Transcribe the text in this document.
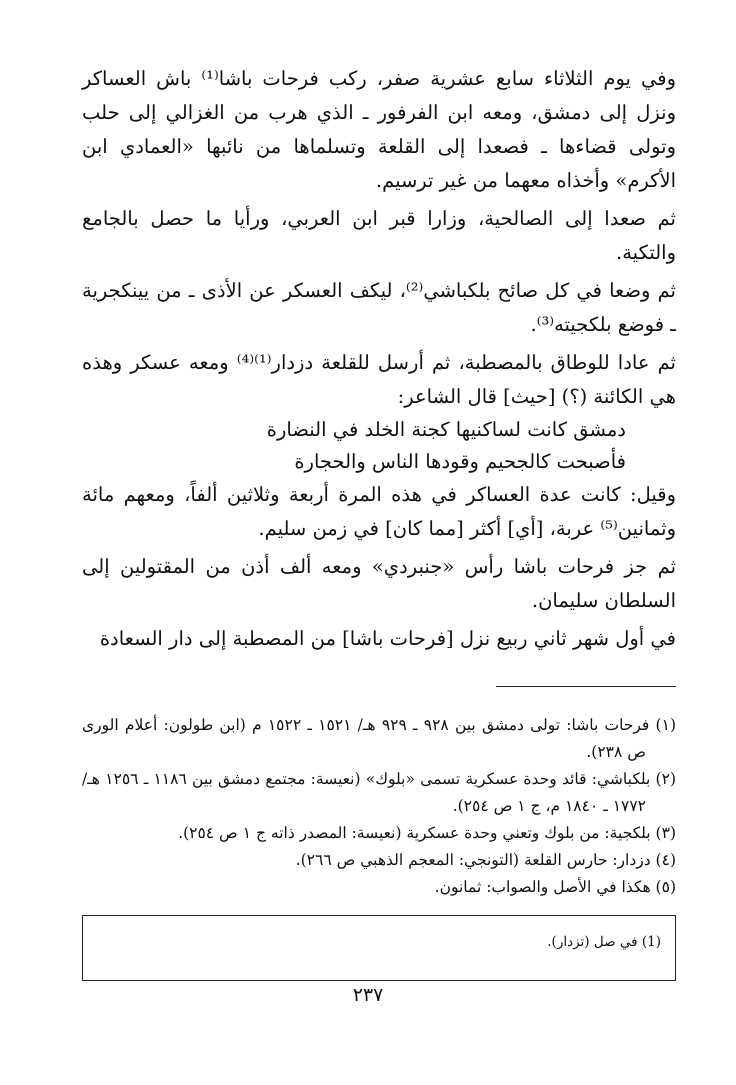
وفي يوم الثلاثاء سابع عشرية صفر، ركب فرحات باشا⁽¹⁾ باش العساكر ونزل إلى دمشق، ومعه ابن الفرفور ـ الذي هرب من الغزالي إلى حلب وتولى قضاءها ـ فصعدا إلى القلعة وتسلماها من نائبها «العمادي ابن الأكرم» وأخذاه معهما من غير ترسيم.

ثم صعدا إلى الصالحية، وزارا قبر ابن العربي، ورأيا ما حصل بالجامع والتكية.

ثم وضعا في كل صائح بلكباشي⁽²⁾، ليكف العسكر عن الأذى ـ من يينكجرية ـ فوضع بلكجيته⁽³⁾.

ثم عادا للوطاق بالمصطبة، ثم أرسل للقلعة دزدار⁽¹⁾⁽⁴⁾ ومعه عسكر وهذه هي الكائنة (؟) [حيث] قال الشاعر:

دمشق كانت لساكنيها كجنة الخلد في النضارة
فأصبحت كالجحيم وقودها الناس والحجارة

وقيل: كانت عدة العساكر في هذه المرة أربعة وثلاثين ألفاً، ومعهم مائة وثمانين⁽⁵⁾ عربة، [أي] أكثر [مما كان] في زمن سليم.

ثم جز فرحات باشا رأس «جنبردي» ومعه ألف أذن من المقتولين إلى السلطان سليمان.

في أول شهر ثاني ربيع نزل [فرحات باشا] من المصطبة إلى دار السعادة

(١) فرحات باشا: تولى دمشق بين ٩٢٨ ـ ٩٢٩ هـ/ ١٥٢١ ـ ١٥٢٢ م (ابن طولون: أعلام الورى ص ٢٣٨).

(٢) بلكباشي: قائد وحدة عسكرية تسمى «بلوك» (نعيسة: مجتمع دمشق بين ١١٨٦ ـ ١٢٥٦ هـ/ ١٧٧٢ ـ ١٨٤٠ م، ج ١ ص ٢٥٤).

(٣) بلكجية: من بلوك وتعني وحدة عسكرية (نعيسة: المصدر ذاته ج ١ ص ٢٥٤).

(٤) دزدار: حارس القلعة (التونجي: المعجم الذهبي ص ٢٦٦).

(٥) هكذا في الأصل والصواب: ثمانون.

(1) في صل (تزدار).
٢٣٧
